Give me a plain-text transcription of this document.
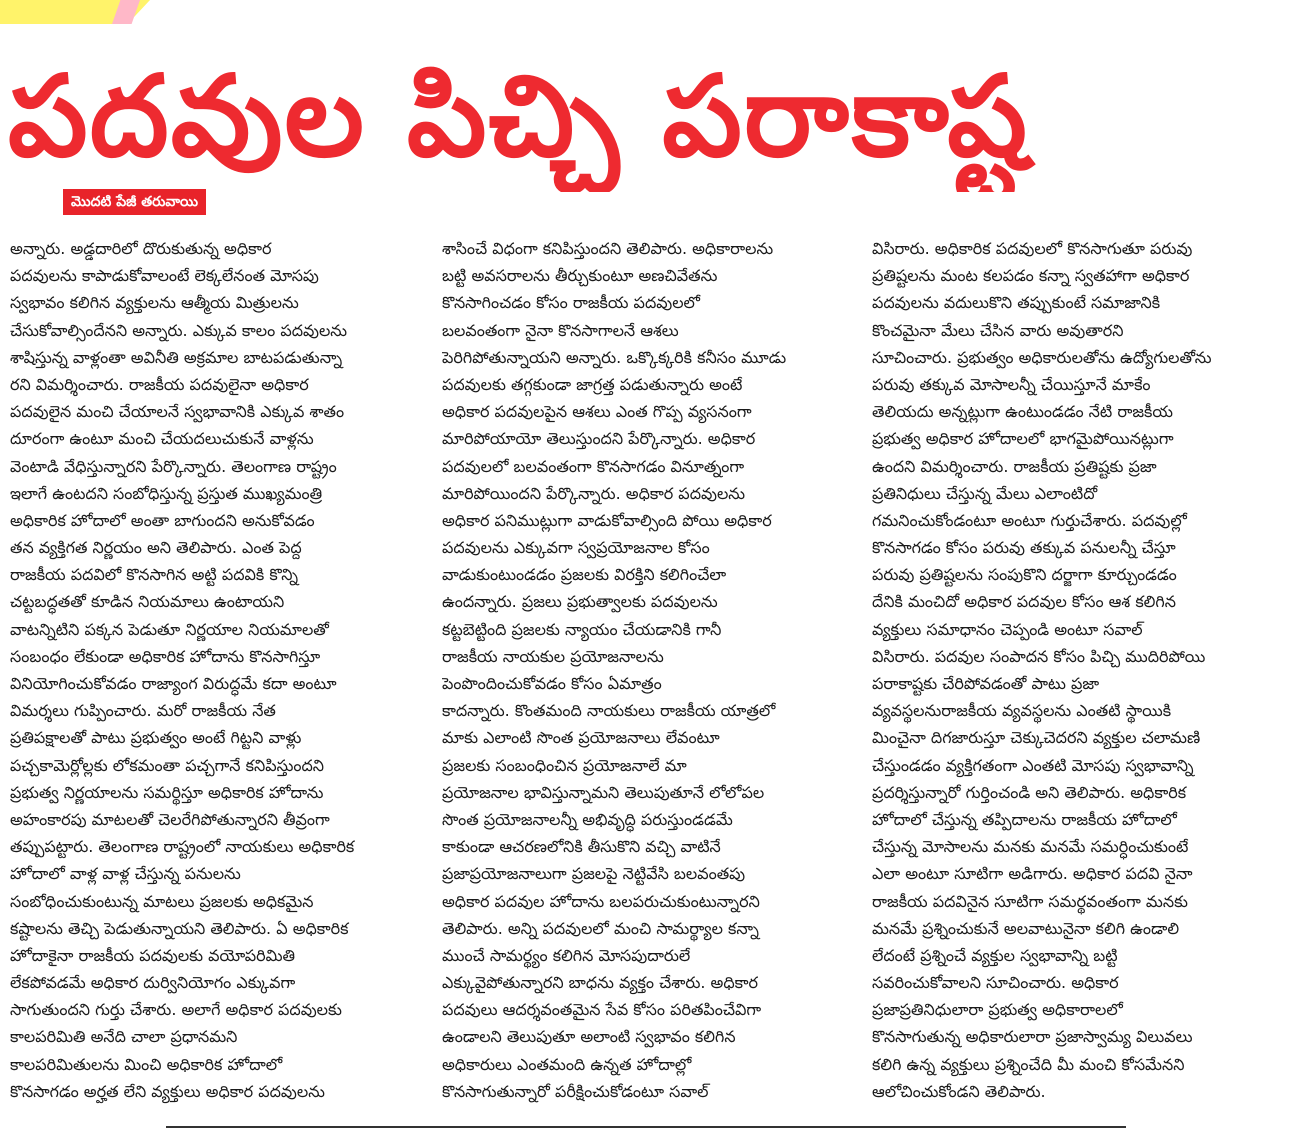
పదవుల పిచ్చి పరాకాష్ట
మొదటి పేజీ తరువాయి
అన్నారు. అడ్డదారిలో దొరుకుతున్న అధికార
పదవులను కాపాడుకోవాలంటే లెక్కలేనంత మోసపు
స్వభావం కలిగిన వ్యక్తులను ఆత్మీయ మిత్రులను
చేసుకోవాల్సిందేనని అన్నారు. ఎక్కువ కాలం పదవులను
శాషిస్తున్న వాళ్లంతా అవినీతి అక్రమాల బాటపడుతున్నా
రని విమర్శించారు. రాజకీయ పదవులైనా అధికార
పదవులైన మంచి చేయాలనే స్వభావానికి ఎక్కువ శాతం
దూరంగా ఉంటూ మంచి చేయదలుచుకునే వాళ్లను
వెంటాడి వేధిస్తున్నారని పేర్కొన్నారు. తెలంగాణ రాష్ట్రం
ఇలాగే ఉంటదని సంబోధిస్తున్న ప్రస్తుత ముఖ్యమంత్రి
అధికారిక హోదాలో అంతా బాగుందని అనుకోవడం
తన వ్యక్తిగత నిర్ణయం అని తెలిపారు. ఎంత పెద్ద
రాజకీయ పదవిలో కొనసాగిన అట్టి పదవికి కొన్ని
చట్టబద్ధతతో కూడిన నియమాలు ఉంటాయని
వాటన్నిటిని పక్కన పెడుతూ నిర్ణయాల నియమాలతో
సంబంధం లేకుండా అధికారిక హోదాను కొనసాగిస్తూ
వినియోగించుకోవడం రాజ్యాంగ విరుద్ధమే కదా అంటూ
విమర్శలు గుప్పించారు. మరో రాజకీయ నేత
ప్రతిపక్షాలతో పాటు ప్రభుత్వం అంటే గిట్టని వాళ్లు
పచ్చకామెర్లోల్లకు లోకమంతా పచ్చగానే కనిపిస్తుందని
ప్రభుత్వ నిర్ణయాలను సమర్థిస్తూ అధికారిక హోదాను
అహంకారపు మాటలతో చెలరేగిపోతున్నారని తీవ్రంగా
తప్పుపట్టారు. తెలంగాణ రాష్ట్రంలో నాయకులు అధికారిక
హోదాలో వాళ్ల వాళ్ల చేస్తున్న పనులను
సంబోధించుకుంటున్న మాటలు ప్రజలకు అధికమైన
కష్టాలను తెచ్చి పెడుతున్నాయని తెలిపారు. ఏ అధికారిక
హోదాకైనా రాజకీయ పదవులకు వయోపరిమితి
లేకపోవడమే అధికార దుర్వినియోగం ఎక్కువగా
సాగుతుందని గుర్తు చేశారు. అలాగే అధికార పదవులకు
కాలపరిమితి అనేది చాలా ప్రధానమని
కాలపరిమితులను మించి అధికారిక హోదాలో
కొనసాగడం అర్హత లేని వ్యక్తులు అధికార పదవులను
శాసించే విధంగా కనిపిస్తుందని తెలిపారు. అధికారాలను
బట్టి అవసరాలను తీర్చుకుంటూ అణచివేతను
కొనసాగించడం కోసం రాజకీయ పదవులలో
బలవంతంగా నైనా కొనసాగాలనే ఆశలు
పెరిగిపోతున్నాయని అన్నారు. ఒక్కొక్కరికి కనీసం మూడు
పదవులకు తగ్గకుండా జాగ్రత్త పడుతున్నారు అంటే
అధికార పదవులపైన ఆశలు ఎంత గొప్ప వ్యసనంగా
మారిపోయాయో తెలుస్తుందని పేర్కొన్నారు. అధికార
పదవులలో బలవంతంగా కొనసాగడం వినూత్నంగా
మారిపోయిందని పేర్కొన్నారు. అధికార పదవులను
అధికార పనిముట్లుగా వాడుకోవాల్సింది పోయి అధికార
పదవులను ఎక్కువగా స్వప్రయోజనాల కోసం
వాడుకుంటుండడం ప్రజలకు విరక్తిని కలిగించేలా
ఉందన్నారు. ప్రజలు ప్రభుత్వాలకు పదవులను
కట్టబెట్టింది ప్రజలకు న్యాయం చేయడానికి గానీ
రాజకీయ నాయకుల ప్రయోజనాలను
పెంపొందించుకోవడం కోసం ఏమాత్రం
కాదన్నారు. కొంతమంది నాయకులు రాజకీయ యాత్రలో
మాకు ఎలాంటి సొంత ప్రయోజనాలు లేవంటూ
ప్రజలకు సంబంధించిన ప్రయోజనాలే మా
ప్రయోజనాల భావిస్తున్నామని తెలుపుతూనే లోలోపల
సొంత ప్రయోజనాలన్నీ అభివృద్ధి పరుస్తుండడమే
కాకుండా ఆచరణలోనికి తీసుకొని వచ్చి వాటినే
ప్రజాప్రయోజనాలుగా ప్రజలపై నెట్టివేసి బలవంతపు
అధికార పదవుల హోదాను బలపరుచుకుంటున్నారని
తెలిపారు. అన్ని పదవులలో మంచి సామర్థ్యాల కన్నా
ముంచే సామర్థ్యం కలిగిన మోసపుదారులే
ఎక్కువైపోతున్నారని బాధను వ్యక్తం చేశారు. అధికార
పదవులు ఆదర్శవంతమైన సేవ కోసం పరితపించేవిగా
ఉండాలని తెలుపుతూ అలాంటి స్వభావం కలిగిన
అధికారులు ఎంతమంది ఉన్నత హోదాల్లో
కొనసాగుతున్నారో పరీక్షించుకోడంటూ సవాల్
విసిరారు. అధికారిక పదవులలో కొనసాగుతూ పరువు
ప్రతిష్టలను మంట కలపడం కన్నా స్వతహాగా అధికార
పదవులను వదులుకొని తప్పుకుంటే సమాజానికి
కొంచమైనా మేలు చేసిన వారు అవుతారని
సూచించారు. ప్రభుత్వం అధికారులతోను ఉద్యోగులతోను
పరువు తక్కువ మోసాలన్నీ చేయిస్తూనే మాకేం
తెలియదు అన్నట్లుగా ఉంటుండడం నేటి రాజకీయ
ప్రభుత్వ అధికార హోదాలలో భాగమైపోయినట్లుగా
ఉందని విమర్శించారు. రాజకీయ ప్రతిష్టకు ప్రజా
ప్రతినిధులు చేస్తున్న మేలు ఎలాంటిదో
గమనించుకోండంటూ అంటూ గుర్తుచేశారు. పదవుల్లో
కొనసాగడం కోసం పరువు తక్కువ పనులన్నీ చేస్తూ
పరువు ప్రతిష్టలను సంపుకొని దర్జాగా కూర్చుండడం
దేనికి మంచిదో అధికార పదవుల కోసం ఆశ కలిగిన
వ్యక్తులు సమాధానం చెప్పండి అంటూ సవాల్
విసిరారు. పదవుల సంపాదన కోసం పిచ్చి ముదిరిపోయి
పరాకాష్టకు చేరిపోవడంతో పాటు ప్రజా
వ్యవస్థలనురాజకీయ వ్యవస్థలను ఎంతటి స్థాయికి
మించైనా దిగజారుస్తూ చెక్కుచెదరని వ్యక్తుల చలామణి
చేస్తుండడం వ్యక్తిగతంగా ఎంతటి మోసపు స్వభావాన్ని
ప్రదర్శిస్తున్నారో గుర్తించండి అని తెలిపారు. అధికారిక
హోదాలో చేస్తున్న తప్పిదాలను రాజకీయ హోదాలో
చేస్తున్న మోసాలను మనకు మనమే సమర్ధించుకుంటే
ఎలా అంటూ సూటిగా అడిగారు. అధికార పదవి నైనా
రాజకీయ పదవినైన సూటిగా సమర్థవంతంగా మనకు
మనమే ప్రశ్నించుకునే అలవాటునైనా కలిగి ఉండాలి
లేదంటే ప్రశ్నించే వ్యక్తుల స్వభావాన్ని బట్టి
సవరించుకోవాలని సూచించారు. అధికార
ప్రజాప్రతినిధులారా ప్రభుత్వ అధికారాలలో
కొనసాగుతున్న అధికారులారా ప్రజాస్వామ్య విలువలు
కలిగి ఉన్న వ్యక్తులు ప్రశ్నించేది మీ మంచి కోసమేనని
ఆలోచించుకోండని తెలిపారు.
